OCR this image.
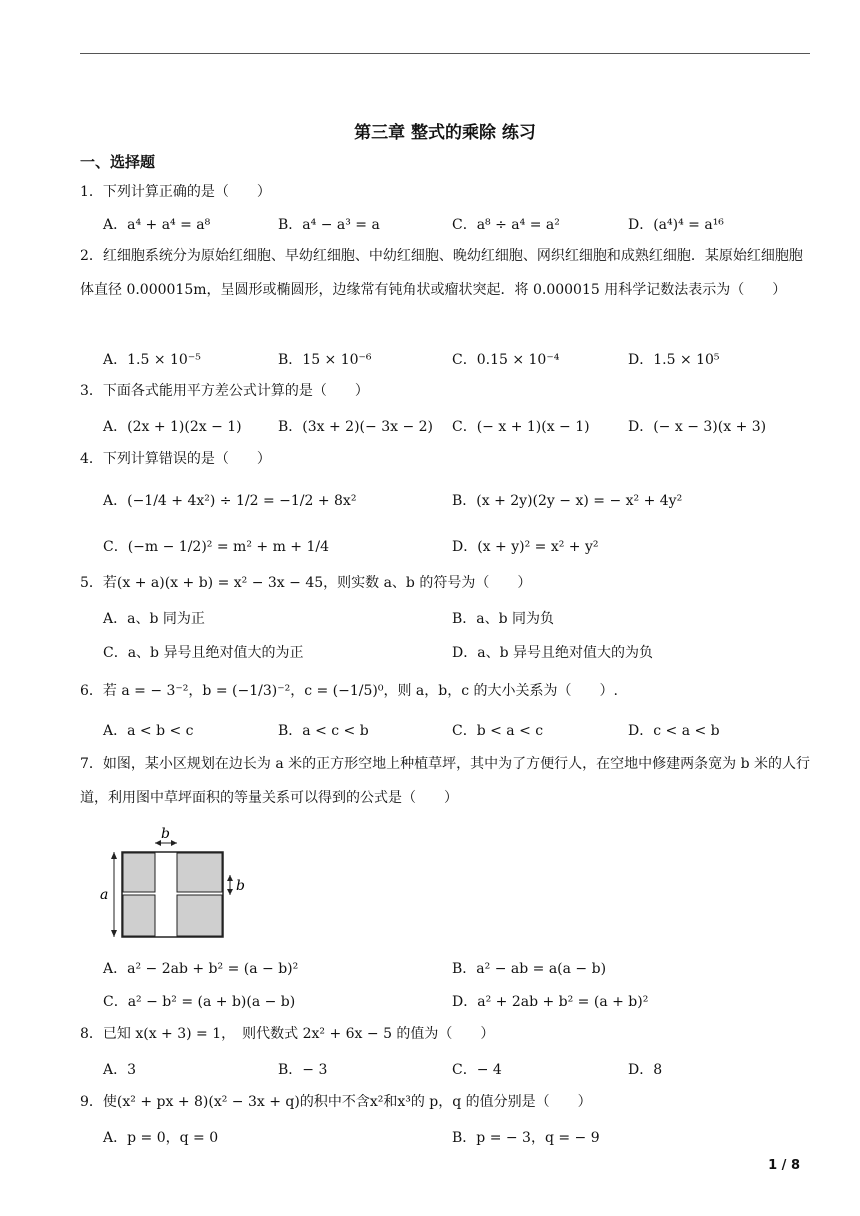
第三章 整式的乘除 练习
一、选择题
1．下列计算正确的是（　　）
A．a⁴ + a⁴ = a⁸	B．a⁴ − a³ = a	C．a⁸ ÷ a⁴ = a²	D．(a⁴)⁴ = a¹⁶
2．红细胞系统分为原始红细胞、早幼红细胞、中幼红细胞、晚幼红细胞、网织红细胞和成熟红细胞．某原始红细胞胞体直径 0.000015m，呈圆形或椭圆形，边缘常有钝角状或瘤状突起．将 0.000015 用科学记数法表示为（　　）
A．1.5 × 10⁻⁵	B．15 × 10⁻⁶	C．0.15 × 10⁻⁴	D．1.5 × 10⁵
3．下面各式能用平方差公式计算的是（　　）
A．(2x + 1)(2x − 1)	B．(3x + 2)(− 3x − 2) C．(− x + 1)(x − 1)	D．(− x − 3)(x + 3)
4．下列计算错误的是（　　）
A．(−1/4 + 4x²) ÷ 1/2 = −1/2 + 8x²	B．(x + 2y)(2y − x) = − x² + 4y²
C．(−m − 1/2)² = m² + m + 1/4	D．(x + y)² = x² + y²
5．若(x + a)(x + b) = x² − 3x − 45，则实数 a、b 的符号为（　　）
A．a、b 同为正	B．a、b 同为负
C．a、b 异号且绝对值大的为正	D．a、b 异号且绝对值大的为负
6．若 a = − 3⁻²，b = (−1/3)⁻²，c = (−1/5)⁰，则 a，b，c 的大小关系为（　　）.
A．a < b < c	B．a < c < b	C．b < a < c	D．c < a < b
7．如图，某小区规划在边长为 a 米的正方形空地上种植草坪，其中为了方便行人，在空地中修建两条宽为 b 米的人行道，利用图中草坪面积的等量关系可以得到的公式是（　　）
a
b
b
A．a² − 2ab + b² = (a − b)²	B．a² − ab = a(a − b)
C．a² − b² = (a + b)(a − b)	D．a² + 2ab + b² = (a + b)²
8．已知 x(x + 3) = 1，　则代数式 2x² + 6x − 5 的值为（　　）
A．3	B．− 3	C．− 4	D．8
9．使(x² + px + 8)(x² − 3x + q)的积中不含x²和x³的 p，q 的值分别是（　　）
A．p = 0，q = 0	B．p = − 3，q = − 9
1 / 8
